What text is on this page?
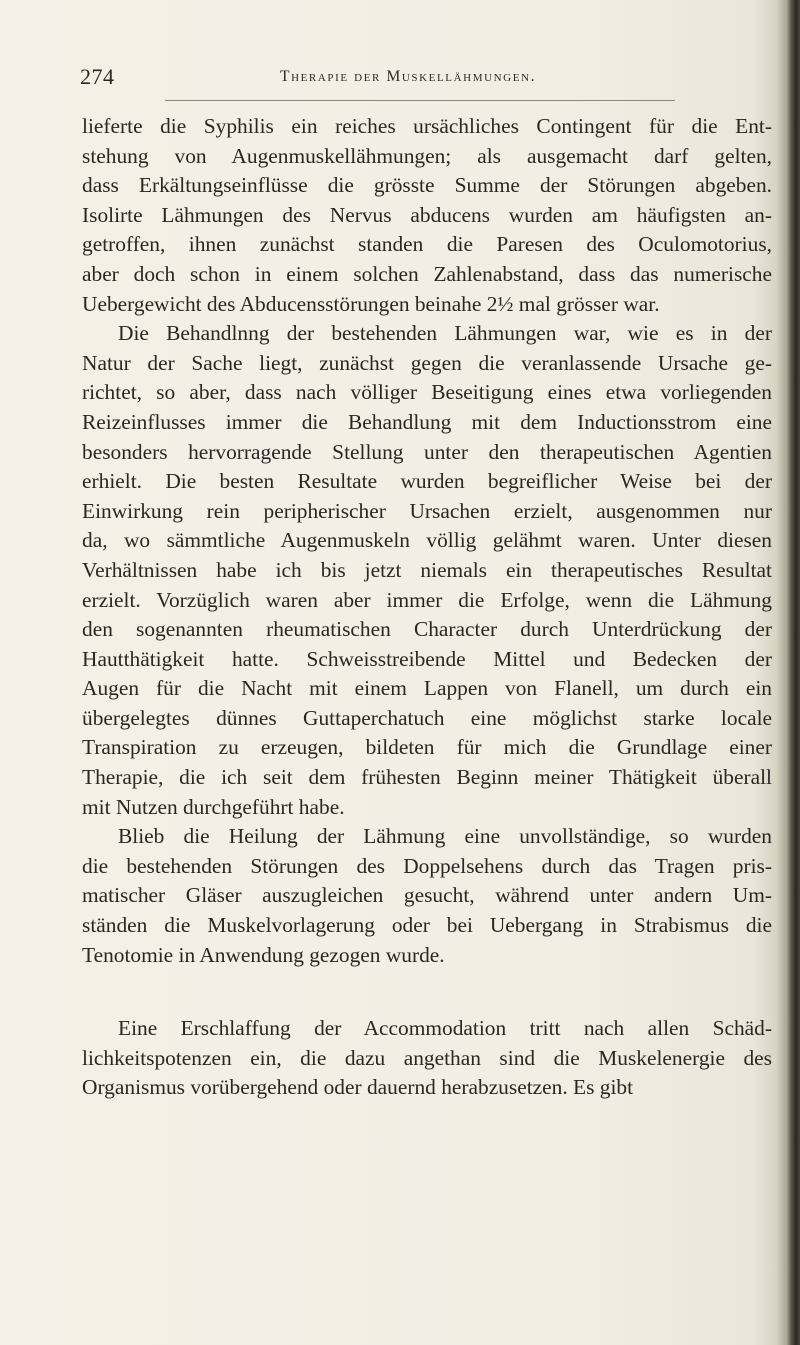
274	Therapie der Muskellähmungen.
lieferte die Syphilis ein reiches ursächliches Contingent für die Ent-
stehung von Augenmuskellähmungen; als ausgemacht darf gelten,
dass Erkältungseinflüsse die grösste Summe der Störungen abgeben.
Isolirte Lähmungen des Nervus abducens wurden am häufigsten an-
getroffen, ihnen zunächst standen die Paresen des Oculomotorius,
aber doch schon in einem solchen Zahlenabstand, dass das numerische
Uebergewicht des Abducensstörungen beinahe 2½ mal grösser war.
Die Behandlnng der bestehenden Lähmungen war, wie es in der
Natur der Sache liegt, zunächst gegen die veranlassende Ursache ge-
richtet, so aber, dass nach völliger Beseitigung eines etwa vorliegenden
Reizeinflusses immer die Behandlung mit dem Inductionsstrom eine
besonders hervorragende Stellung unter den therapeutischen Agentien
erhielt. Die besten Resultate wurden begreiflicher Weise bei der
Einwirkung rein peripherischer Ursachen erzielt, ausgenommen nur
da, wo sämmtliche Augenmuskeln völlig gelähmt waren. Unter diesen
Verhältnissen habe ich bis jetzt niemals ein therapeutisches Resultat
erzielt. Vorzüglich waren aber immer die Erfolge, wenn die Lähmung
den sogenannten rheumatischen Character durch Unterdrückung der
Hautthätigkeit hatte. Schweisstreibende Mittel und Bedecken der
Augen für die Nacht mit einem Lappen von Flanell, um durch ein
übergelegtes dünnes Guttaperchatuch eine möglichst starke locale
Transpiration zu erzeugen, bildeten für mich die Grundlage einer
Therapie, die ich seit dem frühesten Beginn meiner Thätigkeit überall
mit Nutzen durchgeführt habe.
Blieb die Heilung der Lähmung eine unvollständige, so wurden
die bestehenden Störungen des Doppelsehens durch das Tragen pris-
matischer Gläser auszugleichen gesucht, während unter andern Um-
ständen die Muskelvorlagerung oder bei Uebergang in Strabismus die
Tenotomie in Anwendung gezogen wurde.
Eine Erschlaffung der Accommodation tritt nach allen Schäd-
lichkeitspotenzen ein, die dazu angethan sind die Muskelenergie des
Organismus vorübergehend oder dauernd herabzusetzen. Es gibt
